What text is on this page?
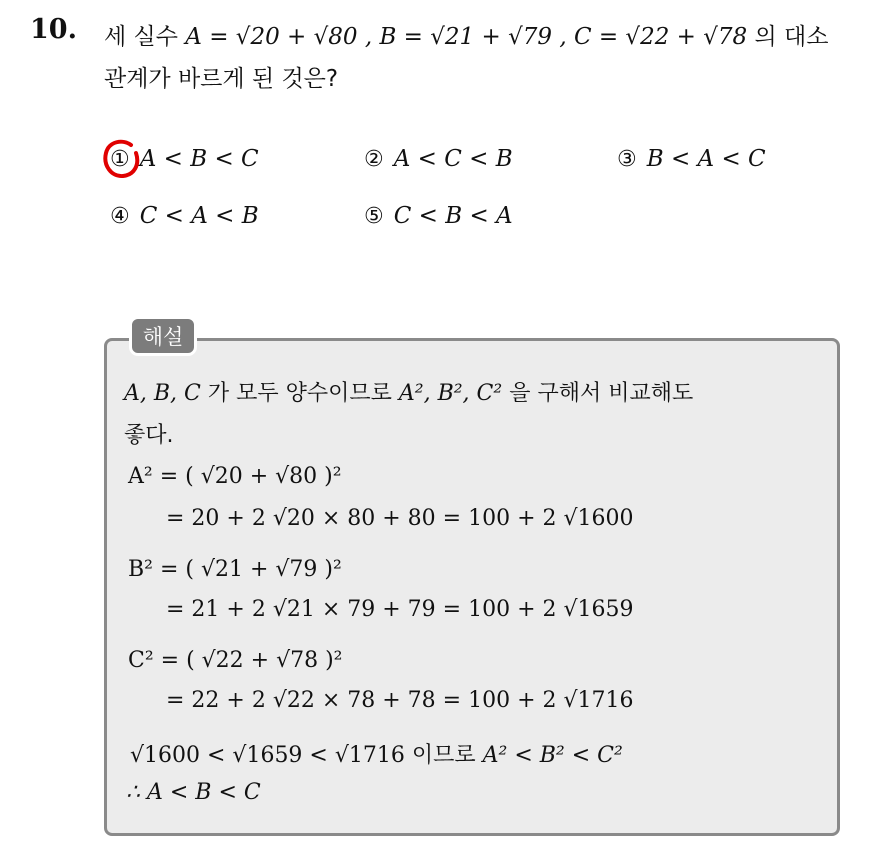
10. 세 실수 A = √20 + √80 , B = √21 + √79 , C = √22 + √78 의 대소
관계가 바르게 된 것은?
① A < B < C	② A < C < B	③ B < A < C
④ C < A < B	⑤ C < B < A
해설
A, B, C 가 모두 양수이므로 A², B², C² 을 구해서 비교해도
좋다.
A² = ( √20 + √80 )²
= 20 + 2 √20 × 80 + 80 = 100 + 2 √1600
B² = ( √21 + √79 )²
= 21 + 2 √21 × 79 + 79 = 100 + 2 √1659
C² = ( √22 + √78 )²
= 22 + 2 √22 × 78 + 78 = 100 + 2 √1716
√1600 < √1659 < √1716 이므로 A² < B² < C²
∴ A < B < C
